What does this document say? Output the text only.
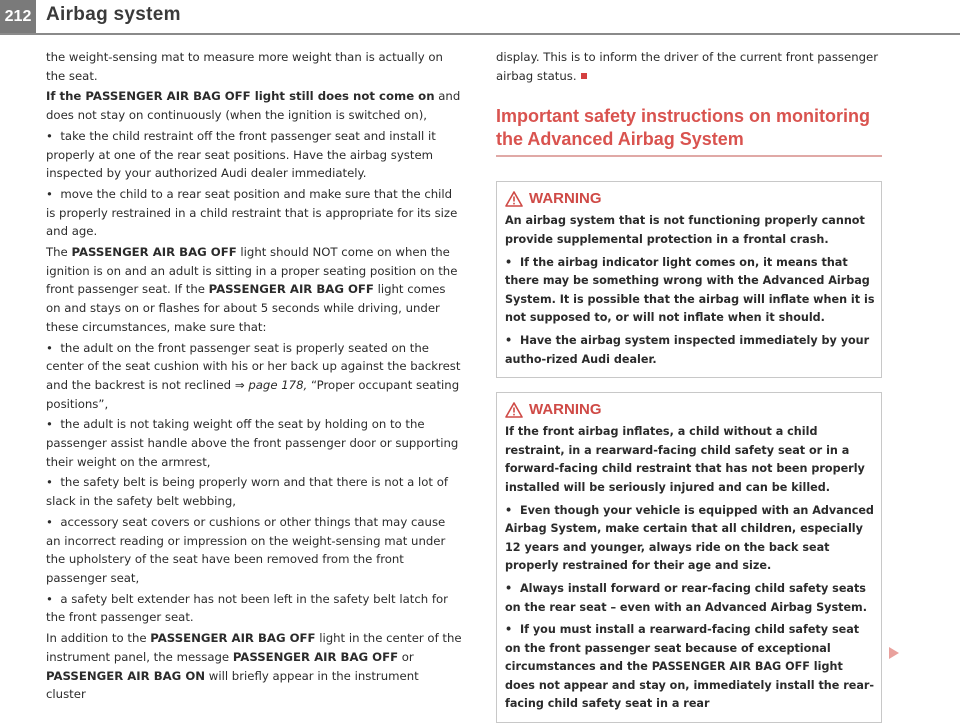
212 Airbag system

the weight-sensing mat to measure more weight than is actually on the seat.

If the PASSENGER AIR BAG OFF light still does not come on and does not stay on continuously (when the ignition is switched on),

•  take the child restraint off the front passenger seat and install it properly at one of the rear seat positions. Have the airbag system inspected by your authorized Audi dealer immediately.

•  move the child to a rear seat position and make sure that the child is properly restrained in a child restraint that is appropriate for its size and age.

The PASSENGER AIR BAG OFF light should NOT come on when the ignition is on and an adult is sitting in a proper seating position on the front passenger seat. If the PASSENGER AIR BAG OFF light comes on and stays on or flashes for about 5 seconds while driving, under these circumstances, make sure that:

•  the adult on the front passenger seat is properly seated on the center of the seat cushion with his or her back up against the backrest and the backrest is not reclined ⇒ page 178, “Proper occupant seating positions”,

•  the adult is not taking weight off the seat by holding on to the passenger assist handle above the front passenger door or supporting their weight on the armrest,

•  the safety belt is being properly worn and that there is not a lot of slack in the safety belt webbing,

•  accessory seat covers or cushions or other things that may cause an incorrect reading or impression on the weight-sensing mat under the upholstery of the seat have been removed from the front passenger seat,

•  a safety belt extender has not been left in the safety belt latch for the front passenger seat.

In addition to the PASSENGER AIR BAG OFF light in the center of the instrument panel, the message PASSENGER AIR BAG OFF or PASSENGER AIR BAG ON will briefly appear in the instrument cluster

display. This is to inform the driver of the current front passenger airbag status.

Important safety instructions on monitoring the Advanced Airbag System
WARNING

An airbag system that is not functioning properly cannot provide supplemental protection in a frontal crash.

•  If the airbag indicator light comes on, it means that there may be something wrong with the Advanced Airbag System. It is possible that the airbag will inflate when it is not supposed to, or will not inflate when it should.

•  Have the airbag system inspected immediately by your autho-rized Audi dealer.

WARNING

If the front airbag inflates, a child without a child restraint, in a rearward-facing child safety seat or in a forward-facing child restraint that has not been properly installed will be seriously injured and can be killed.

•  Even though your vehicle is equipped with an Advanced Airbag System, make certain that all children, especially 12 years and younger, always ride on the back seat properly restrained for their age and size.

•  Always install forward or rear-facing child safety seats on the rear seat – even with an Advanced Airbag System.

•  If you must install a rearward-facing child safety seat on the front passenger seat because of exceptional circumstances and the PASSENGER AIR BAG OFF light does not appear and stay on, immediately install the rear-facing child safety seat in a rear
